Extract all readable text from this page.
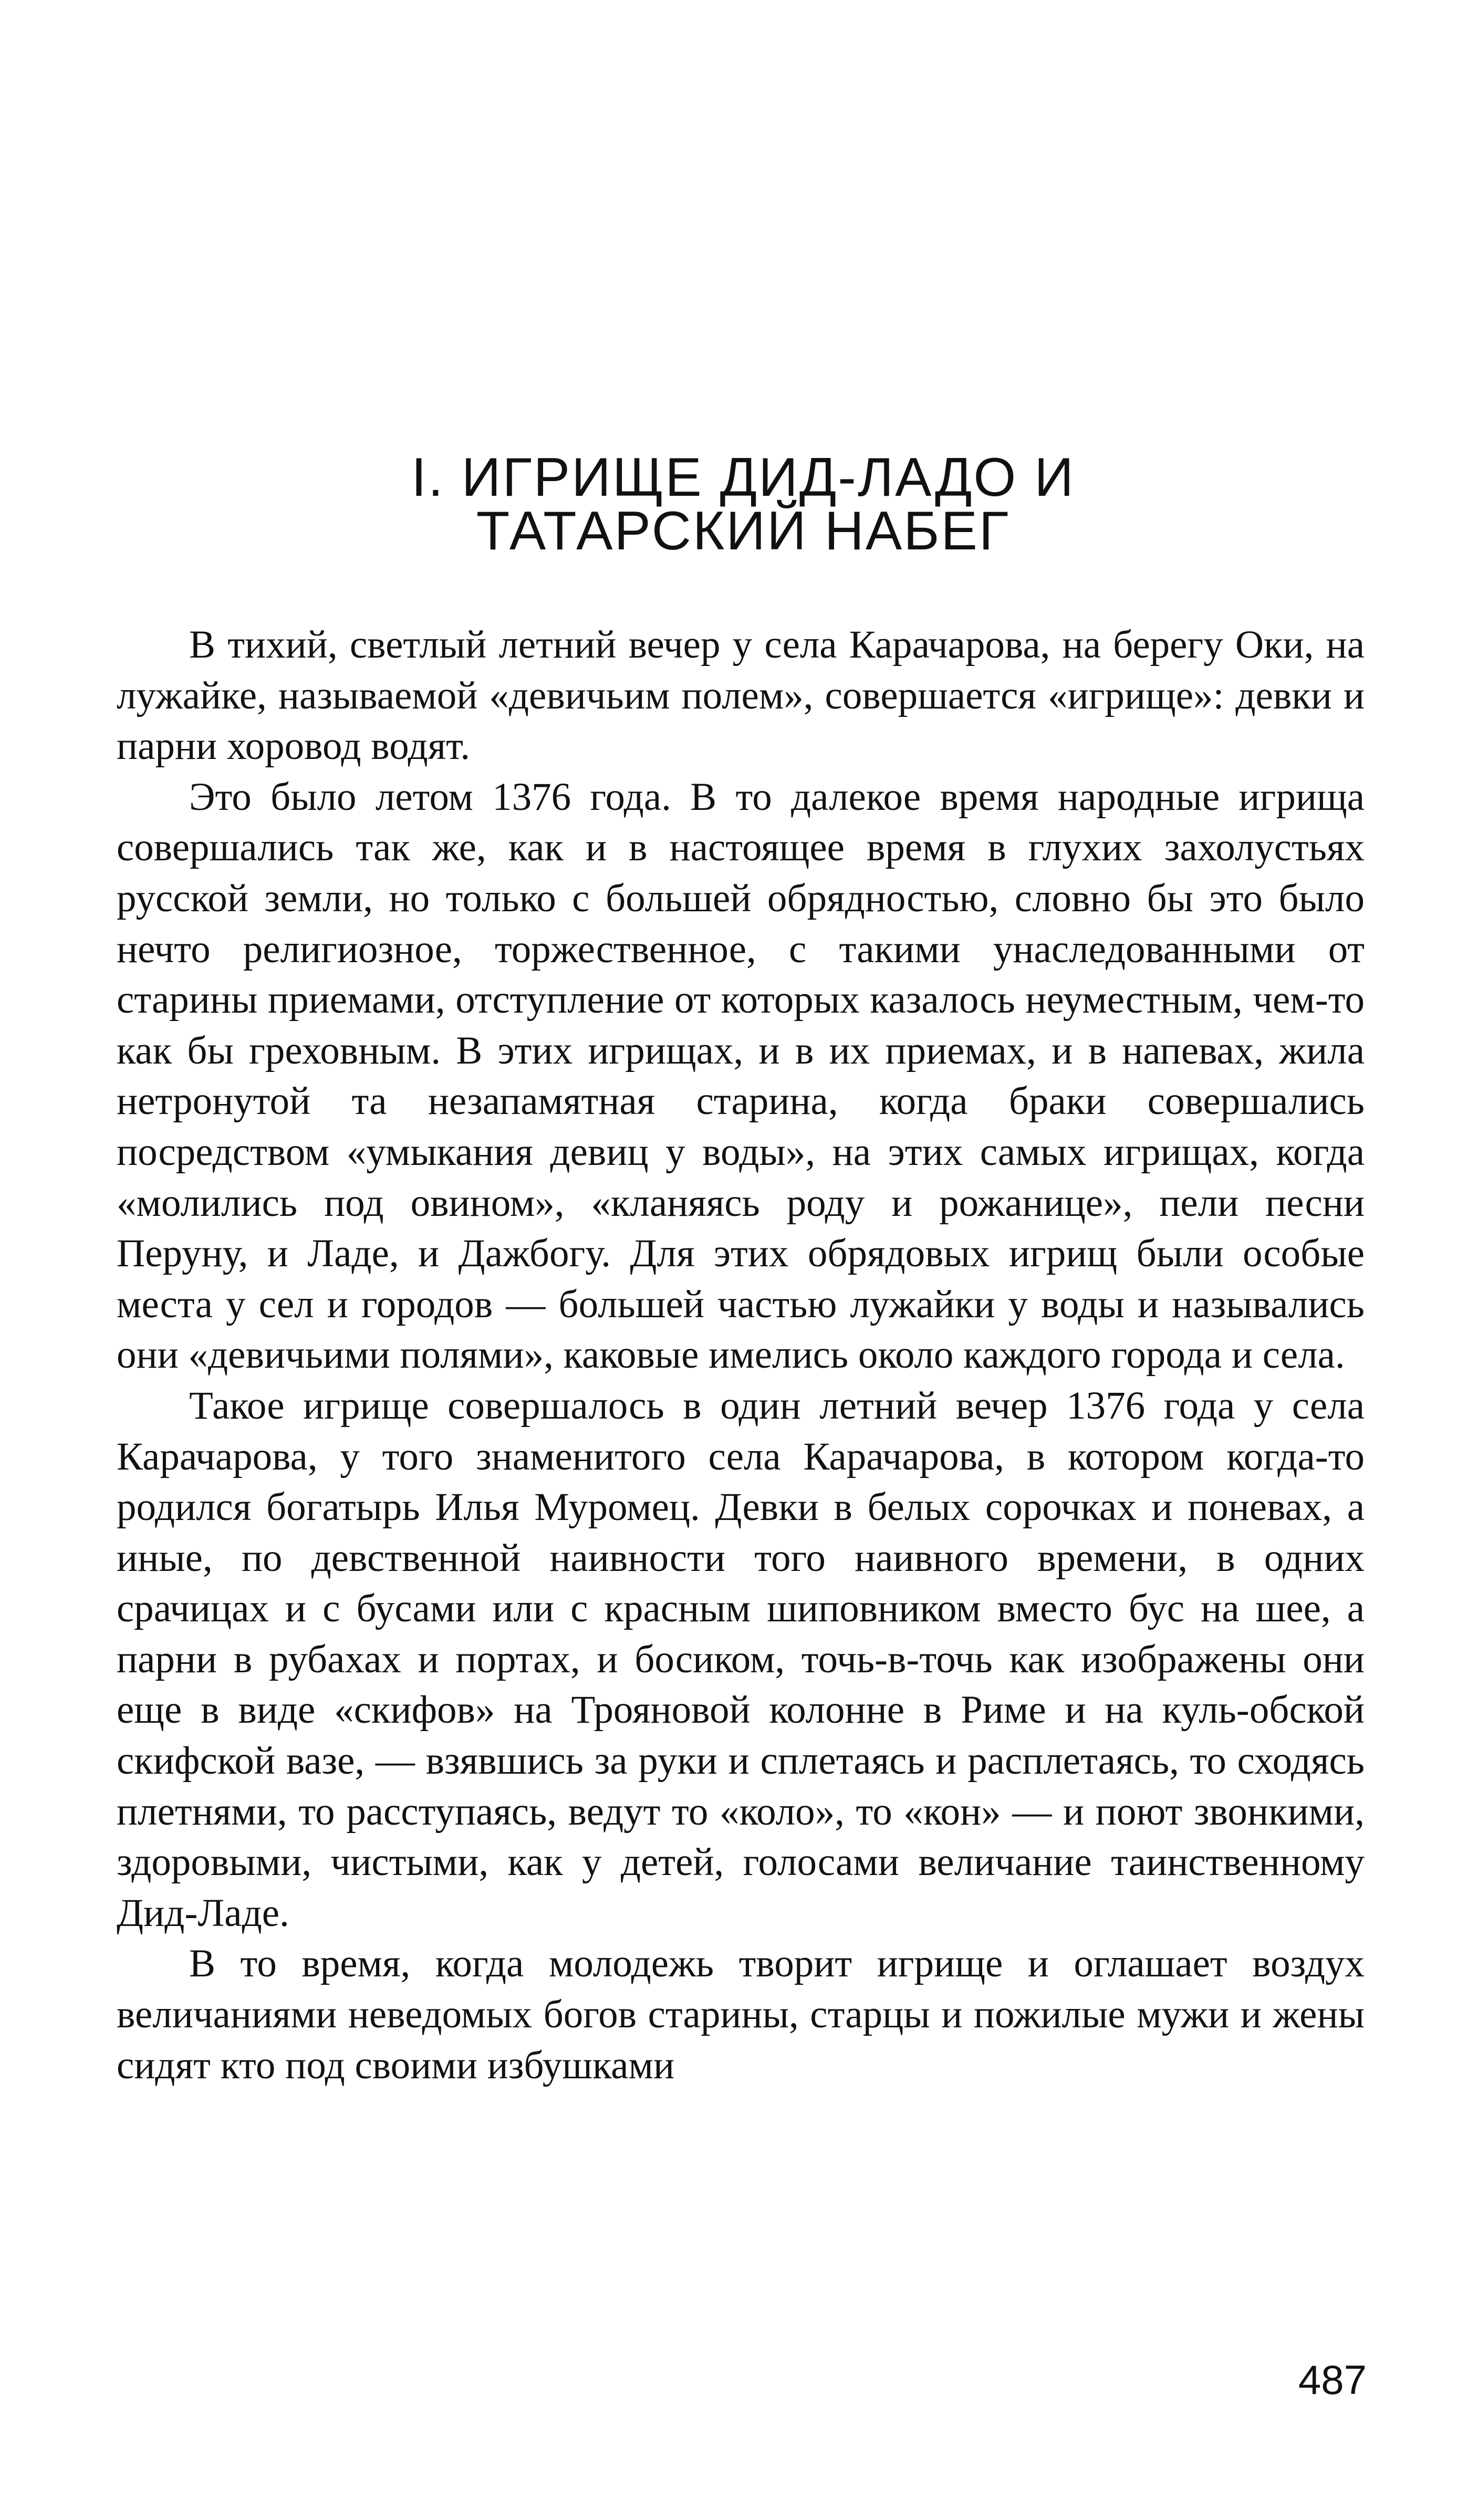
I. ИГРИЩЕ ДИД-ЛАДО И
ТАТАРСКИЙ НАБЕГ

В тихий, светлый летний вечер у села Карачарова, на берегу Оки, на лужайке, называемой «девичьим полем», совершается «игрище»: девки и парни хоровод водят.

Это было летом 1376 года. В то далекое время народные игрища совершались так же, как и в настоящее время в глухих захолустьях русской земли, но только с большей обрядностью, словно бы это было нечто религиозное, торжественное, с такими унаследованными от старины приемами, отступление от которых казалось неуместным, чем-то как бы греховным. В этих игрищах, и в их приемах, и в напевах, жила нетронутой та незапамятная старина, когда браки совершались посредством «умыкания девиц у воды», на этих самых игрищах, когда «молились под овином», «кланяясь роду и рожанице», пели песни Перуну, и Ладе, и Дажбогу. Для этих обрядовых игрищ были особые места у сел и городов — большей частью лужайки у воды и назывались они «девичьими полями», каковые имелись около каждого города и села.

Такое игрище совершалось в один летний вечер 1376 года у села Карачарова, у того знаменитого села Карачарова, в котором когда-то родился богатырь Илья Муромец. Девки в белых сорочках и поневах, а иные, по девственной наивности того наивного времени, в одних срачицах и с бусами или с красным шиповником вместо бус на шее, а парни в рубахах и портах, и босиком, точь-в-точь как изображены они еще в виде «скифов» на Трояновой колонне в Риме и на куль-обской скифской вазе, — взявшись за руки и сплетаясь и расплетаясь, то сходясь плетнями, то расступаясь, ведут то «коло», то «кон» — и поют звонкими, здоровыми, чистыми, как у детей, голосами величание таинственному Дид-Ладе.

В то время, когда молодежь творит игрище и оглашает воздух величаниями неведомых богов старины, старцы и пожилые мужи и жены сидят кто под своими избушками

487
